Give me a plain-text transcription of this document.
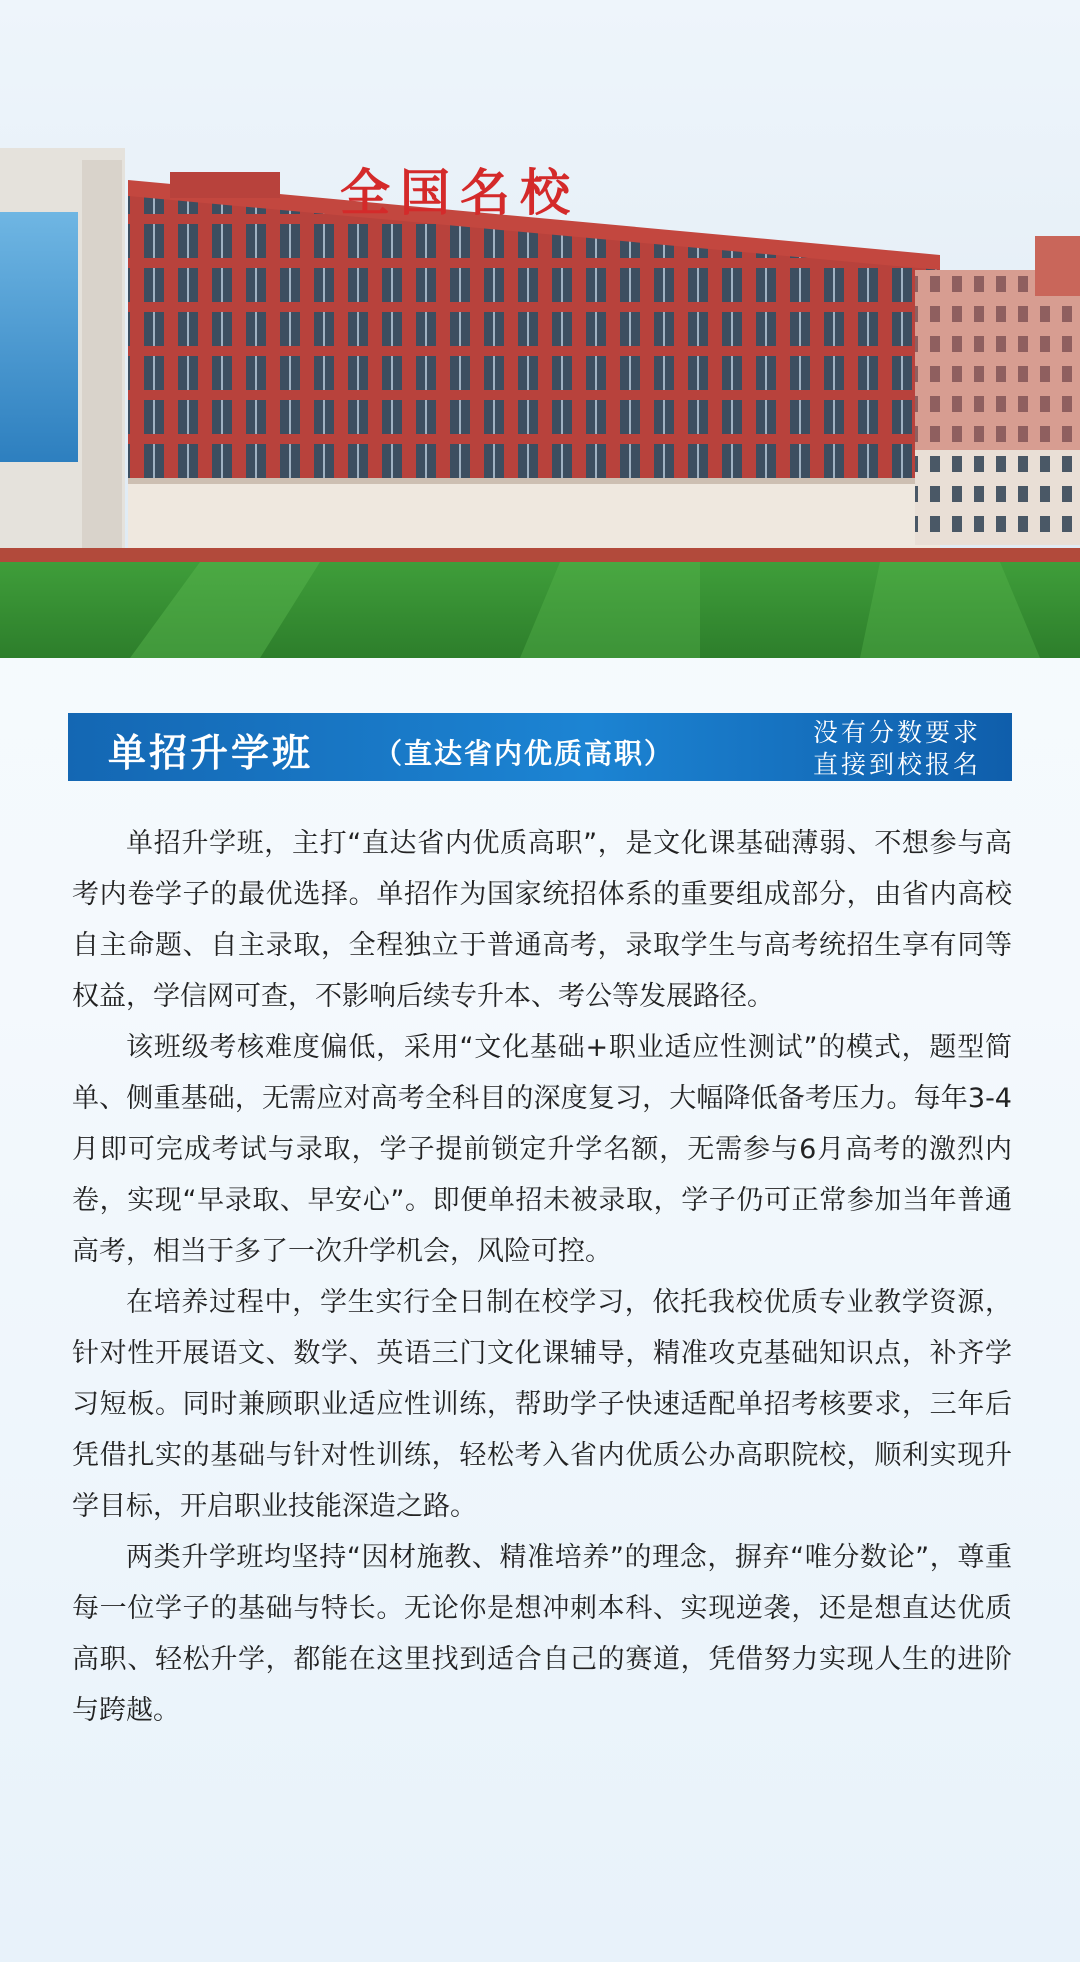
全国名校
单招升学班 （直达省内优质高职）
没有分数要求
直接到校报名

单招升学班，主打“直达省内优质高职”，是文化课基础薄弱、不想参与高考内卷学子的最优选择。单招作为国家统招体系的重要组成部分，由省内高校自主命题、自主录取，全程独立于普通高考，录取学生与高考统招生享有同等权益，学信网可查，不影响后续专升本、考公等发展路径。

该班级考核难度偏低，采用“文化基础+职业适应性测试”的模式，题型简单、侧重基础，无需应对高考全科目的深度复习，大幅降低备考压力。每年3-4月即可完成考试与录取，学子提前锁定升学名额，无需参与6月高考的激烈内卷，实现“早录取、早安心”。即便单招未被录取，学子仍可正常参加当年普通高考，相当于多了一次升学机会，风险可控。

在培养过程中，学生实行全日制在校学习，依托我校优质专业教学资源，针对性开展语文、数学、英语三门文化课辅导，精准攻克基础知识点，补齐学习短板。同时兼顾职业适应性训练，帮助学子快速适配单招考核要求，三年后凭借扎实的基础与针对性训练，轻松考入省内优质公办高职院校，顺利实现升学目标，开启职业技能深造之路。

两类升学班均坚持“因材施教、精准培养”的理念，摒弃“唯分数论”，尊重每一位学子的基础与特长。无论你是想冲刺本科、实现逆袭，还是想直达优质高职、轻松升学，都能在这里找到适合自己的赛道，凭借努力实现人生的进阶与跨越。
